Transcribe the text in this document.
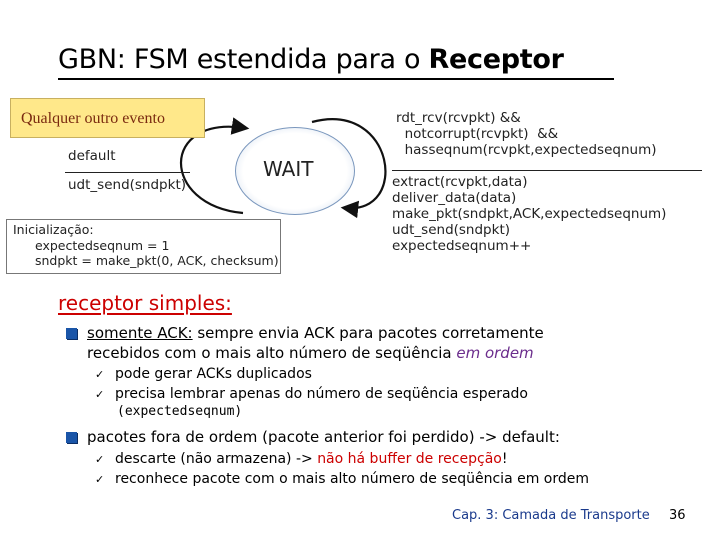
GBN: FSM estendida para o Receptor
Qualquer outro evento
default
udt_send(sndpkt)
WAIT
rdt_rcv(rcvpkt) &&
notcorrupt(rcvpkt)  &&
hasseqnum(rcvpkt,expectedseqnum)
extract(rcvpkt,data)
deliver_data(data)
make_pkt(sndpkt,ACK,expectedseqnum)
udt_send(sndpkt)
expectedseqnum++
Inicialização:
expectedseqnum = 1
sndpkt = make_pkt(0, ACK, checksum)
receptor simples:
somente ACK: sempre envia ACK para pacotes corretamente
recebidos com o mais alto número de seqüência em ordem
✓ pode gerar ACKs duplicados
✓ precisa lembrar apenas do número de seqüência esperado
(expectedseqnum)
pacotes fora de ordem (pacote anterior foi perdido) -> default:
✓ descarte (não armazena) -> não há buffer de recepção!
✓ reconhece pacote com o mais alto número de seqüência em ordem
Cap. 3: Camada de Transporte 36
